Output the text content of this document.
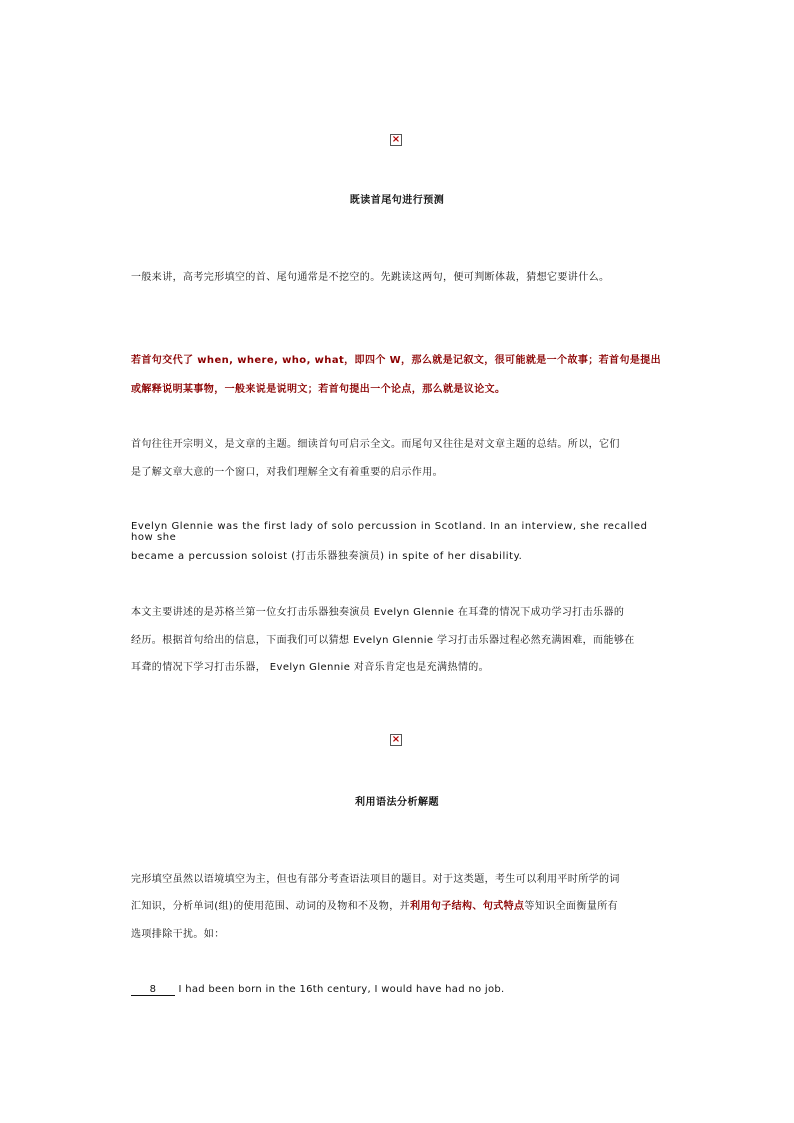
×
既读首尾句进行预测

一般来讲，高考完形填空的首、尾句通常是不挖空的。先跳读这两句，便可判断体裁，猜想它要讲什么。

若首句交代了 when, where, who, what，即四个 W，那么就是记叙文，很可能就是一个故事；若首句是提出

或解释说明某事物，一般来说是说明文；若首句提出一个论点，那么就是议论文。

首句往往开宗明义，是文章的主题。细读首句可启示全文。而尾句又往往是对文章主题的总结。所以，它们

是了解文章大意的一个窗口，对我们理解全文有着重要的启示作用。

Evelyn Glennie was the first lady of solo percussion in Scotland. In an interview, she recalled how she

became a percussion soloist (打击乐器独奏演员) in spite of her disability.

本文主要讲述的是苏格兰第一位女打击乐器独奏演员 Evelyn Glennie 在耳聋的情况下成功学习打击乐器的

经历。根据首句给出的信息，下面我们可以猜想 Evelyn Glennie 学习打击乐器过程必然充满困难，而能够在

耳聋的情况下学习打击乐器， Evelyn Glennie 对音乐肯定也是充满热情的。

×
利用语法分析解题

完形填空虽然以语境填空为主，但也有部分考查语法项目的题目。对于这类题，考生可以利用平时所学的词

汇知识，分析单词(组)的使用范围、动词的及物和不及物，并利用句子结构、句式特点等知识全面衡量所有

选项排除干扰。如：

8 I had been born in the 16th century, I would have had no job.
